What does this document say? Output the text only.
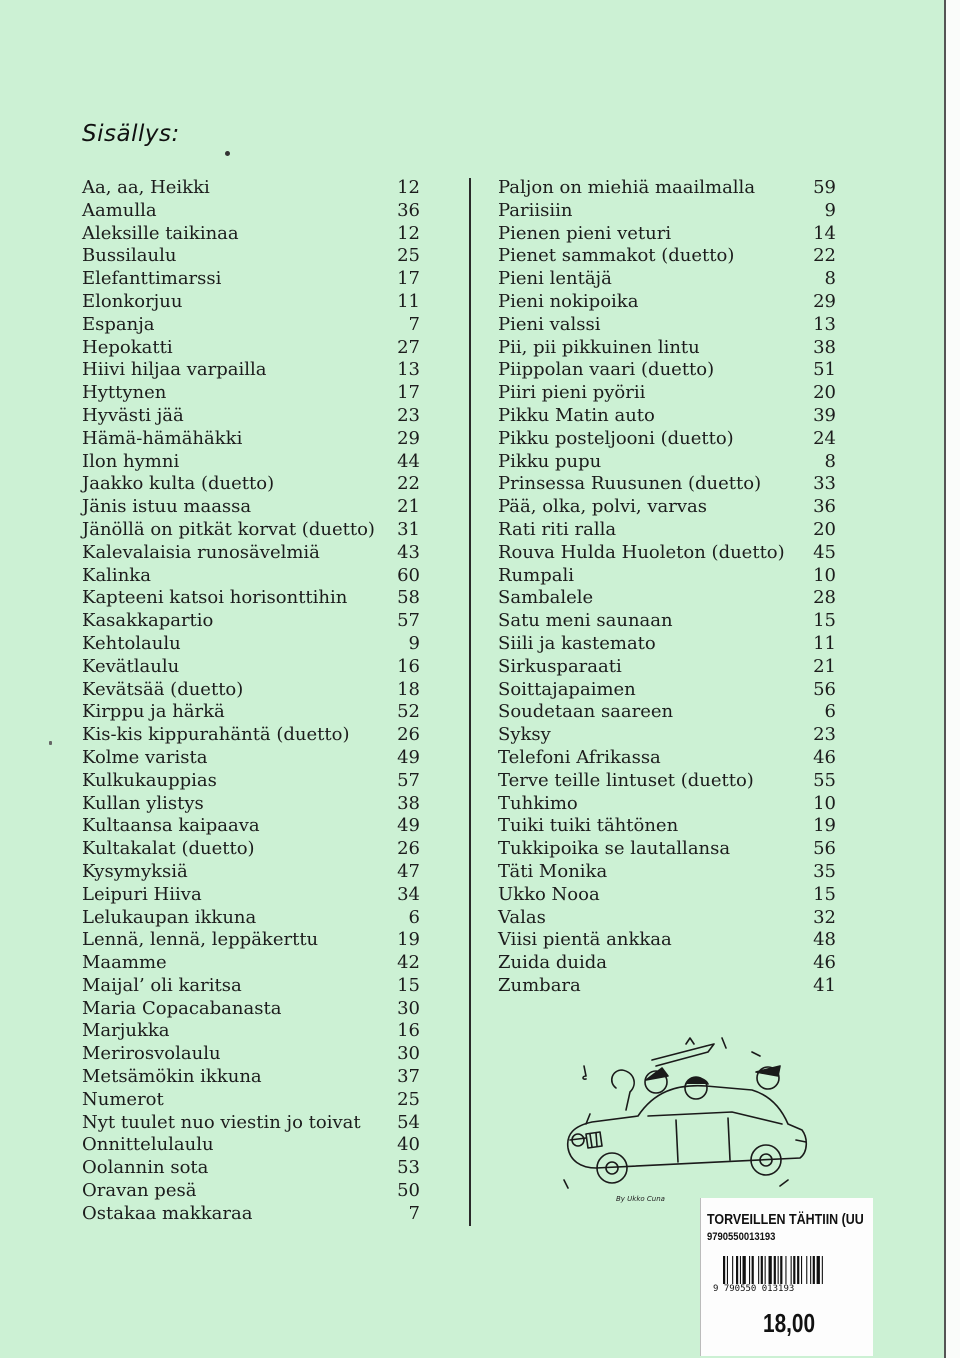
Sisällys:
Aa, aa, Heikki	12
Aamulla	36
Aleksille taikinaa	12
Bussilaulu	25
Elefanttimarssi	17
Elonkorjuu	11
Espanja	7
Hepokatti	27
Hiivi hiljaa varpailla	13
Hyttynen	17
Hyvästi jää	23
Hämä-hämähäkki	29
Ilon hymni	44
Jaakko kulta (duetto)	22
Jänis istuu maassa	21
Jänöllä on pitkät korvat (duetto) 31
Kalevalaisia runosävelmiä	43
Kalinka	60
Kapteeni katsoi horisonttihin	58
Kasakkapartio	57
Kehtolaulu	9
Kevätlaulu	16
Kevätsää (duetto)	18
Kirppu ja härkä	52
Kis-kis kippurahäntä (duetto)	26
Kolme varista	49
Kulkukauppias	57
Kullan ylistys	38
Kultaansa kaipaava	49
Kultakalat (duetto)	26
Kysymyksiä	47
Leipuri Hiiva	34
Lelukaupan ikkuna	6
Lennä, lennä, leppäkerttu	19
Maamme	42
Maijal’ oli karitsa	15
Maria Copacabanasta	30
Marjukka	16
Merirosvolaulu	30
Metsämökin ikkuna	37
Numerot	25
Nyt tuulet nuo viestin jo toivat 54
Onnittelulaulu	40
Oolannin sota	53
Oravan pesä	50
Ostakaa makkaraa	7
Paljon on miehiä maailmalla	59
Pariisiin	9
Pienen pieni veturi	14
Pienet sammakot (duetto)	22
Pieni lentäjä	8
Pieni nokipoika	29
Pieni valssi	13
Pii, pii pikkuinen lintu	38
Piippolan vaari (duetto)	51
Piiri pieni pyörii	20
Pikku Matin auto	39
Pikku posteljooni (duetto)	24
Pikku pupu	8
Prinsessa Ruusunen (duetto)	33
Pää, olka, polvi, varvas	36
Rati riti ralla	20
Rouva Hulda Huoleton (duetto) 45
Rumpali	10
Sambalele	28
Satu meni saunaan	15
Siili ja kastemato	11
Sirkusparaati	21
Soittajapaimen	56
Soudetaan saareen	6
Syksy	23
Telefoni Afrikassa	46
Terve teille lintuset (duetto)	55
Tuhkimo	10
Tuiki tuiki tähtönen	19
Tukkipoika se lautallansa	56
Täti Monika	35
Ukko Nooa	15
Valas	32
Viisi pientä ankkaa	48
Zuida duida	46
Zumbara	41
By Ukko Cuna
TORVEILLEN TÄHTIIN (UU
9790550013193
9 790550 013193
18,00
